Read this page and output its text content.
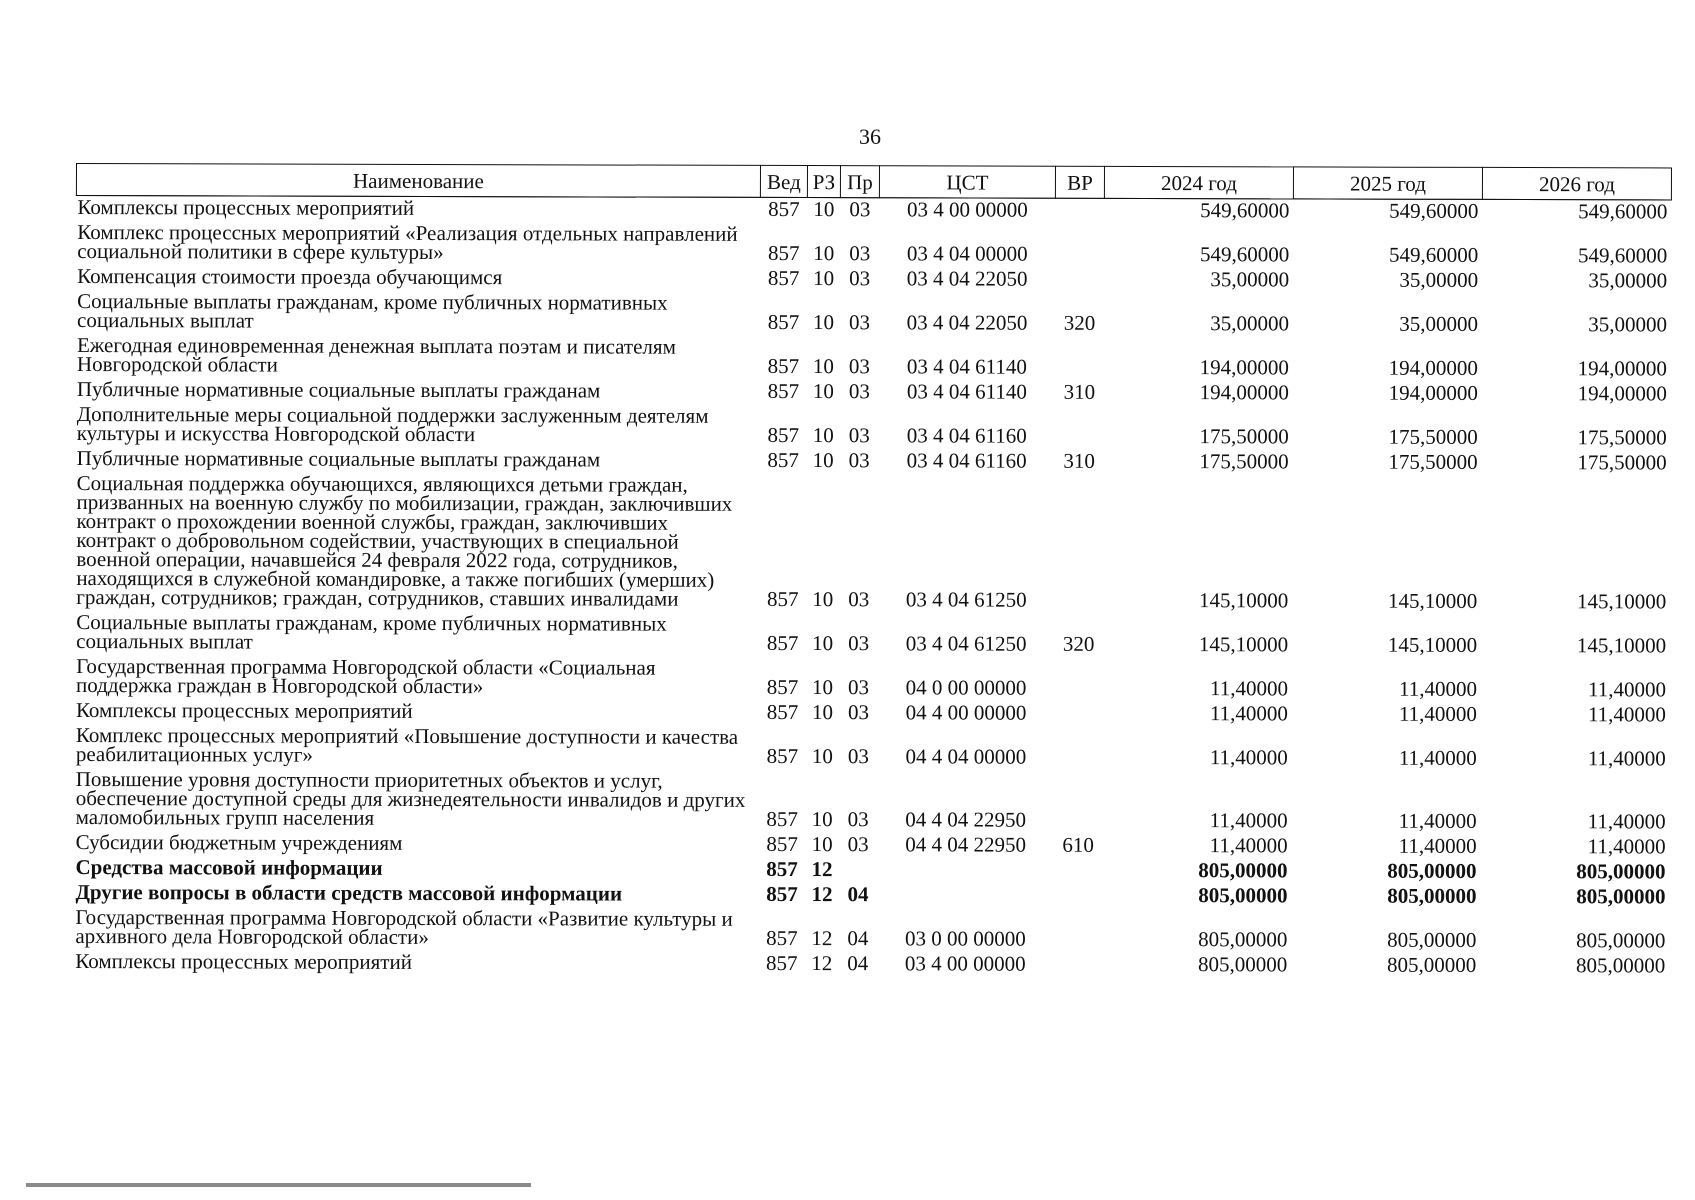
36
Наименование	Вед	РЗ	Пр	ЦСТ	ВР	2024 год	2025 год	2026 год
Комплексы процессных мероприятий	857	10	03	03 4 00 00000		549,60000	549,60000	549,60000
Комплекс процессных мероприятий «Реализация отдельных направлений социальной политики в сфере культуры»	857	10	03	03 4 04 00000		549,60000	549,60000	549,60000
Компенсация стоимости проезда обучающимся	857	10	03	03 4 04 22050		35,00000	35,00000	35,00000
Социальные выплаты гражданам, кроме публичных нормативных социальных выплат	857	10	03	03 4 04 22050	320	35,00000	35,00000	35,00000
Ежегодная единовременная денежная выплата поэтам и писателям Новгородской области	857	10	03	03 4 04 61140		194,00000	194,00000	194,00000
Публичные нормативные социальные выплаты гражданам	857	10	03	03 4 04 61140	310	194,00000	194,00000	194,00000
Дополнительные меры социальной поддержки заслуженным деятелям культуры и искусства Новгородской области	857	10	03	03 4 04 61160		175,50000	175,50000	175,50000
Публичные нормативные социальные выплаты гражданам	857	10	03	03 4 04 61160	310	175,50000	175,50000	175,50000
Социальная поддержка обучающихся, являющихся детьми граждан, призванных на военную службу по мобилизации, граждан, заключивших контракт о прохождении военной службы, граждан, заключивших контракт о добровольном содействии, участвующих в специальной военной операции, начавшейся 24 февраля 2022 года, сотрудников, находящихся в служебной командировке, а также погибших (умерших) граждан, сотрудников; граждан, сотрудников, ставших инвалидами	857	10	03	03 4 04 61250		145,10000	145,10000	145,10000
Социальные выплаты гражданам, кроме публичных нормативных социальных выплат	857	10	03	03 4 04 61250	320	145,10000	145,10000	145,10000
Государственная программа Новгородской области «Социальная поддержка граждан в Новгородской области»	857	10	03	04 0 00 00000		11,40000	11,40000	11,40000
Комплексы процессных мероприятий	857	10	03	04 4 00 00000		11,40000	11,40000	11,40000
Комплекс процессных мероприятий «Повышение доступности и качества реабилитационных услуг»	857	10	03	04 4 04 00000		11,40000	11,40000	11,40000
Повышение уровня доступности приоритетных объектов и услуг, обеспечение доступной среды для жизнедеятельности инвалидов и других маломобильных групп населения	857	10	03	04 4 04 22950		11,40000	11,40000	11,40000
Субсидии бюджетным учреждениям	857	10	03	04 4 04 22950	610	11,40000	11,40000	11,40000
Средства массовой информации	857	12				805,00000	805,00000	805,00000
Другие вопросы в области средств массовой информации	857	12	04			805,00000	805,00000	805,00000
Государственная программа Новгородской области «Развитие культуры и архивного дела Новгородской области»	857	12	04	03 0 00 00000		805,00000	805,00000	805,00000
Комплексы процессных мероприятий	857	12	04	03 4 00 00000		805,00000	805,00000	805,00000
